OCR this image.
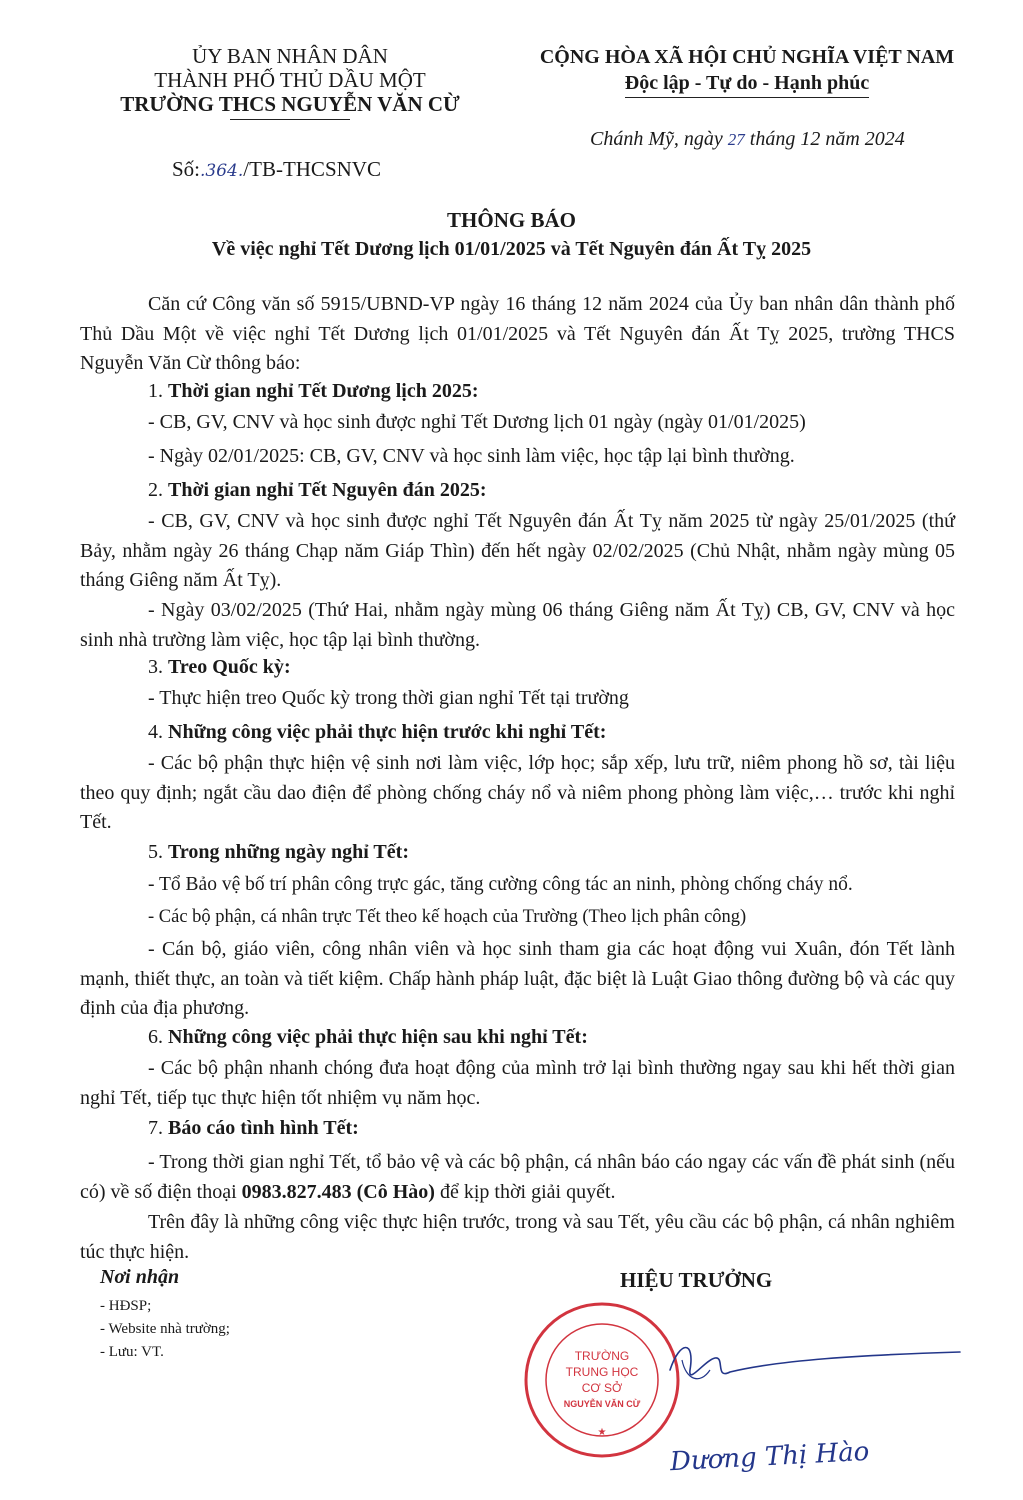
ỦY BAN NHÂN DÂN
THÀNH PHỐ THỦ DẦU MỘT
TRƯỜNG THCS NGUYỄN VĂN CỪ
CỘNG HÒA XÃ HỘI CHỦ NGHĨA VIỆT NAM
Độc lập - Tự do - Hạnh phúc
Số:.364./TB-THCSNVC
Chánh Mỹ, ngày 27 tháng 12 năm 2024
THÔNG BÁO
Về việc nghỉ Tết Dương lịch 01/01/2025 và Tết Nguyên đán Ất Tỵ 2025
Căn cứ Công văn số 5915/UBND-VP ngày 16 tháng 12 năm 2024 của Ủy ban nhân dân thành phố Thủ Dầu Một về việc nghỉ Tết Dương lịch 01/01/2025 và Tết Nguyên đán Ất Tỵ 2025, trường THCS Nguyễn Văn Cừ thông báo:
1. Thời gian nghỉ Tết Dương lịch 2025:
- CB, GV, CNV và học sinh được nghỉ Tết Dương lịch 01 ngày (ngày 01/01/2025)
- Ngày 02/01/2025: CB, GV, CNV và học sinh làm việc, học tập lại bình thường.
2. Thời gian nghỉ Tết Nguyên đán 2025:
- CB, GV, CNV và học sinh được nghỉ Tết Nguyên đán Ất Tỵ năm 2025 từ ngày 25/01/2025 (thứ Bảy, nhằm ngày 26 tháng Chạp năm Giáp Thìn) đến hết ngày 02/02/2025 (Chủ Nhật, nhằm ngày mùng 05 tháng Giêng năm Ất Tỵ).
- Ngày 03/02/2025 (Thứ Hai, nhằm ngày mùng 06 tháng Giêng năm Ất Tỵ) CB, GV, CNV và học sinh nhà trường làm việc, học tập lại bình thường.
3. Treo Quốc kỳ:
- Thực hiện treo Quốc kỳ trong thời gian nghỉ Tết tại trường
4. Những công việc phải thực hiện trước khi nghỉ Tết:
- Các bộ phận thực hiện vệ sinh nơi làm việc, lớp học; sắp xếp, lưu trữ, niêm phong hồ sơ, tài liệu theo quy định; ngắt cầu dao điện để phòng chống cháy nổ và niêm phong phòng làm việc,… trước khi nghỉ Tết.
5. Trong những ngày nghỉ Tết:
- Tổ Bảo vệ bố trí phân công trực gác, tăng cường công tác an ninh, phòng chống cháy nổ.
- Các bộ phận, cá nhân trực Tết theo kế hoạch của Trường (Theo lịch phân công)
- Cán bộ, giáo viên, công nhân viên và học sinh tham gia các hoạt động vui Xuân, đón Tết lành mạnh, thiết thực, an toàn và tiết kiệm. Chấp hành pháp luật, đặc biệt là Luật Giao thông đường bộ và các quy định của địa phương.
6. Những công việc phải thực hiện sau khi nghỉ Tết:
- Các bộ phận nhanh chóng đưa hoạt động của mình trở lại bình thường ngay sau khi hết thời gian nghỉ Tết, tiếp tục thực hiện tốt nhiệm vụ năm học.
7. Báo cáo tình hình Tết:
- Trong thời gian nghỉ Tết, tổ bảo vệ và các bộ phận, cá nhân báo cáo ngay các vấn đề phát sinh (nếu có) về số điện thoại 0983.827.483 (Cô Hào) để kịp thời giải quyết.
Trên đây là những công việc thực hiện trước, trong và sau Tết, yêu cầu các bộ phận, cá nhân nghiêm túc thực hiện.
Nơi nhận
- HĐSP;
- Website nhà trường;
- Lưu: VT.
HIỆU TRƯỞNG
TRƯỜNG
TRUNG HỌC
CƠ SỞ
NGUYỄN VĂN CỪ
★
Dương Thị Hào
